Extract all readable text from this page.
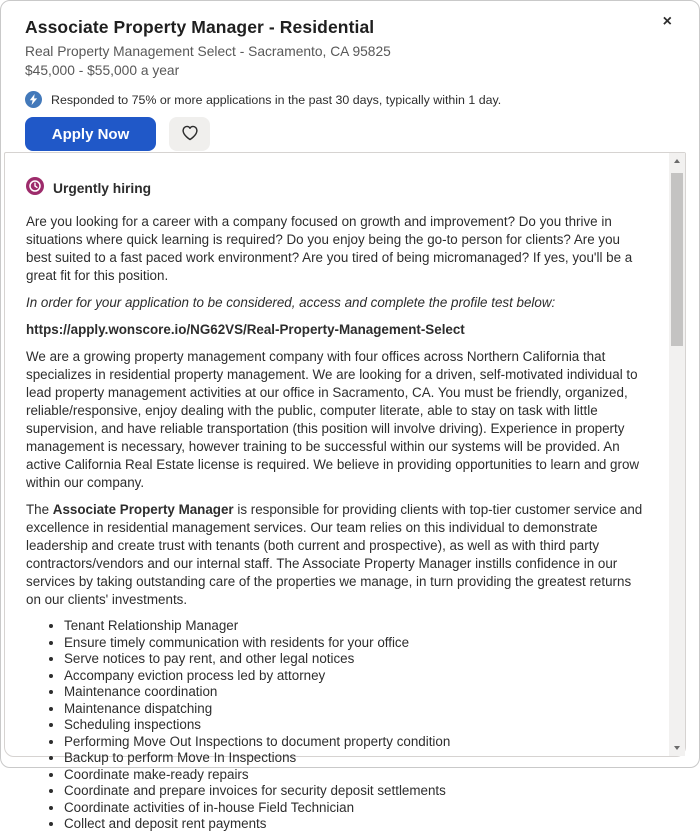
Associate Property Manager - Residential
Real Property Management Select - Sacramento, CA 95825
$45,000 - $55,000 a year
Responded to 75% or more applications in the past 30 days, typically within 1 day.
Apply Now
×
Urgently hiring

Are you looking for a career with a company focused on growth and improvement? Do you thrive in situations where quick learning is required? Do you enjoy being the go-to person for clients? Are you best suited to a fast paced work environment? Are you tired of being micromanaged? If yes, you'll be a great fit for this position.

In order for your application to be considered, access and complete the profile test below:

https://apply.wonscore.io/NG62VS/Real-Property-Management-Select

We are a growing property management company with four offices across Northern California that specializes in residential property management. We are looking for a driven, self-motivated individual to lead property management activities at our office in Sacramento, CA. You must be friendly, organized, reliable/responsive, enjoy dealing with the public, computer literate, able to stay on task with little supervision, and have reliable transportation (this position will involve driving). Experience in property management is necessary, however training to be successful within our systems will be provided. An active California Real Estate license is required. We believe in providing opportunities to learn and grow within our company.

The Associate Property Manager is responsible for providing clients with top-tier customer service and excellence in residential management services. Our team relies on this individual to demonstrate leadership and create trust with tenants (both current and prospective), as well as with third party contractors/vendors and our internal staff. The Associate Property Manager instills confidence in our services by taking outstanding care of the properties we manage, in turn providing the greatest returns on our clients' investments.

• Tenant Relationship Manager
• Ensure timely communication with residents for your office
• Serve notices to pay rent, and other legal notices
• Accompany eviction process led by attorney
• Maintenance coordination
• Maintenance dispatching
• Scheduling inspections
• Performing Move Out Inspections to document property condition
• Backup to perform Move In Inspections
• Coordinate make-ready repairs
• Coordinate and prepare invoices for security deposit settlements
• Coordinate activities of in-house Field Technician
• Collect and deposit rent payments
